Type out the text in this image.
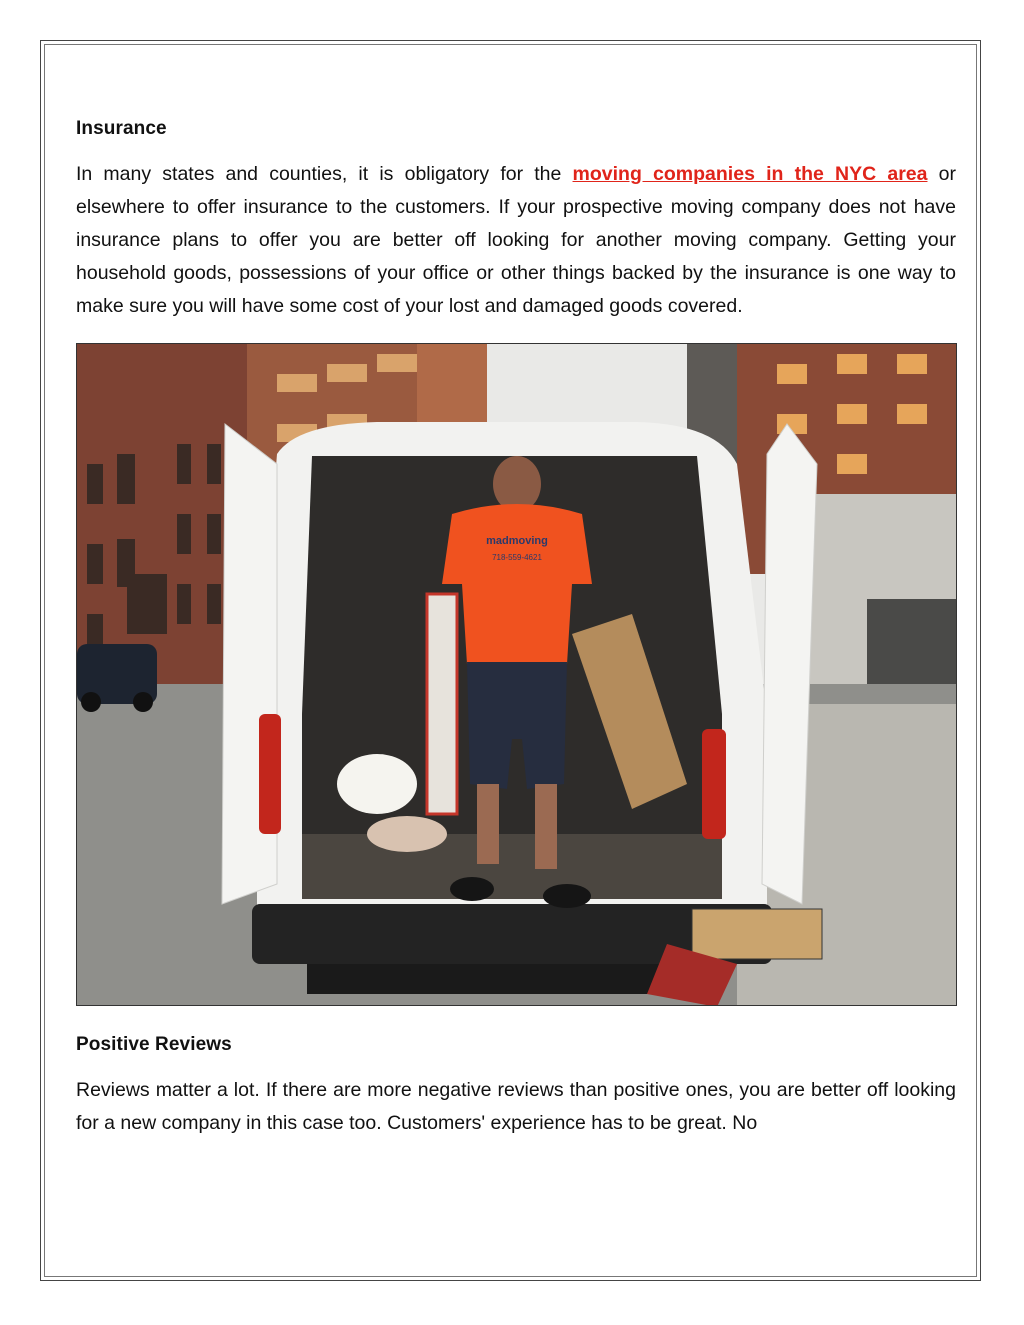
Insurance

In many states and counties, it is obligatory for the moving companies in the NYC area or elsewhere to offer insurance to the customers. If your prospective moving company does not have insurance plans to offer you are better off looking for another moving company. Getting your household goods, possessions of your office or other things backed by the insurance is one way to make sure you will have some cost of your lost and damaged goods covered.

madmoving
718-559-4621
Positive Reviews

Reviews matter a lot. If there are more negative reviews than positive ones, you are better off looking for a new company in this case too. Customers' experience has to be great. No
